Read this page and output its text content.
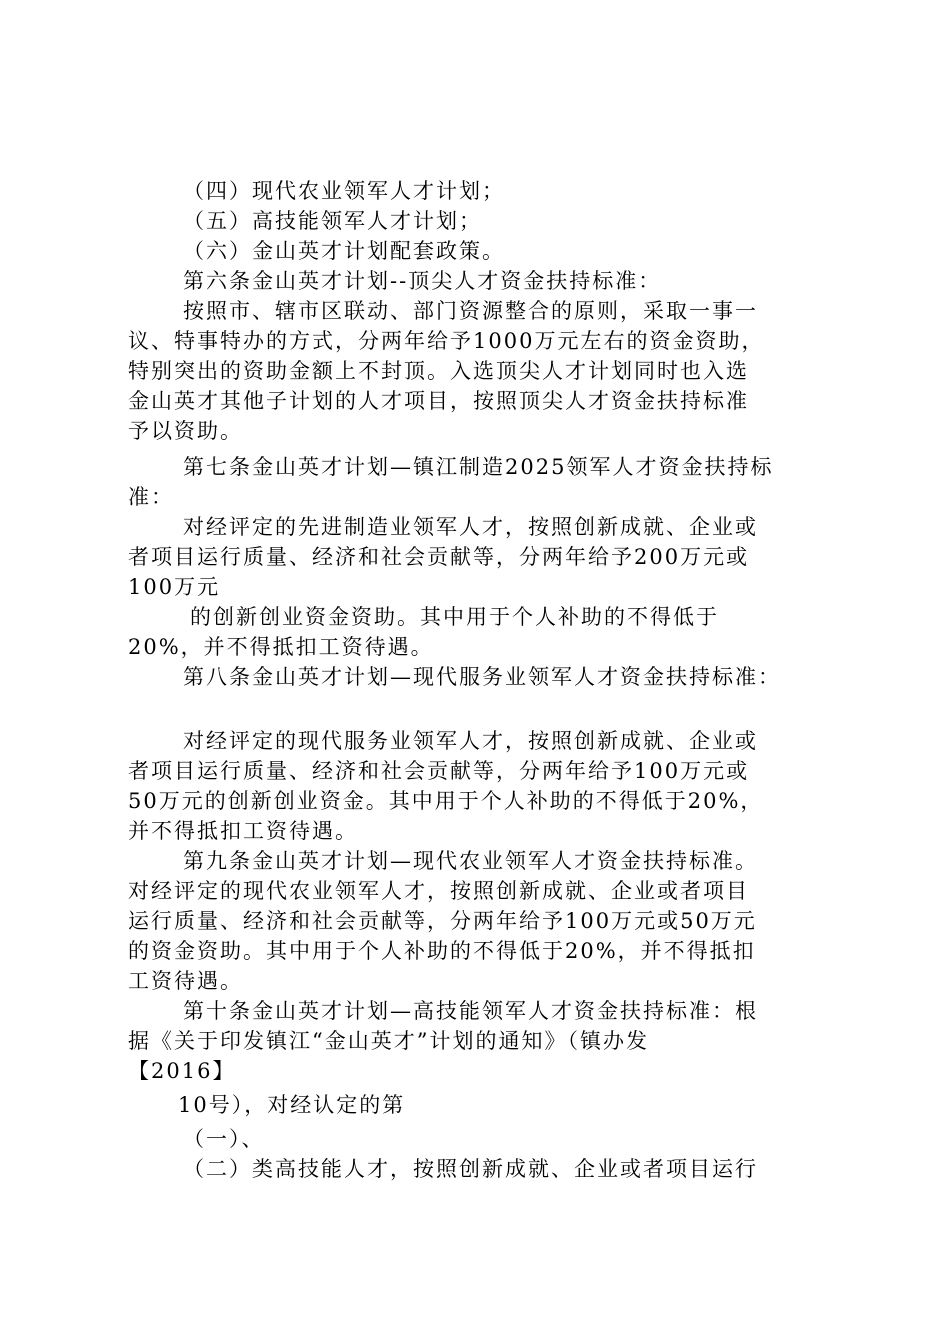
（四）现代农业领军人才计划；
（五）高技能领军人才计划；
（六）金山英才计划配套政策。
第六条金山英才计划--顶尖人才资金扶持标准：
按照市、辖市区联动、部门资源整合的原则，采取一事一
议、特事特办的方式，分两年给予1000万元左右的资金资助，
特别突出的资助金额上不封顶。入选顶尖人才计划同时也入选
金山英才其他子计划的人才项目，按照顶尖人才资金扶持标准
予以资助。
第七条金山英才计划—镇江制造2025领军人才资金扶持标
准：
对经评定的先进制造业领军人才，按照创新成就、企业或
者项目运行质量、经济和社会贡献等，分两年给予200万元或
100万元
的创新创业资金资助。其中用于个人补助的不得低于
20%，并不得抵扣工资待遇。
第八条金山英才计划—现代服务业领军人才资金扶持标准：
对经评定的现代服务业领军人才，按照创新成就、企业或
者项目运行质量、经济和社会贡献等，分两年给予100万元或
50万元的创新创业资金。其中用于个人补助的不得低于20%，
并不得抵扣工资待遇。
第九条金山英才计划—现代农业领军人才资金扶持标准。
对经评定的现代农业领军人才，按照创新成就、企业或者项目
运行质量、经济和社会贡献等，分两年给予100万元或50万元
的资金资助。其中用于个人补助的不得低于20%，并不得抵扣
工资待遇。
第十条金山英才计划—高技能领军人才资金扶持标准：根
据《关于印发镇江“金山英才”计划的通知》（镇办发
【2016】
10号），对经认定的第
（一）、
（二）类高技能人才，按照创新成就、企业或者项目运行
